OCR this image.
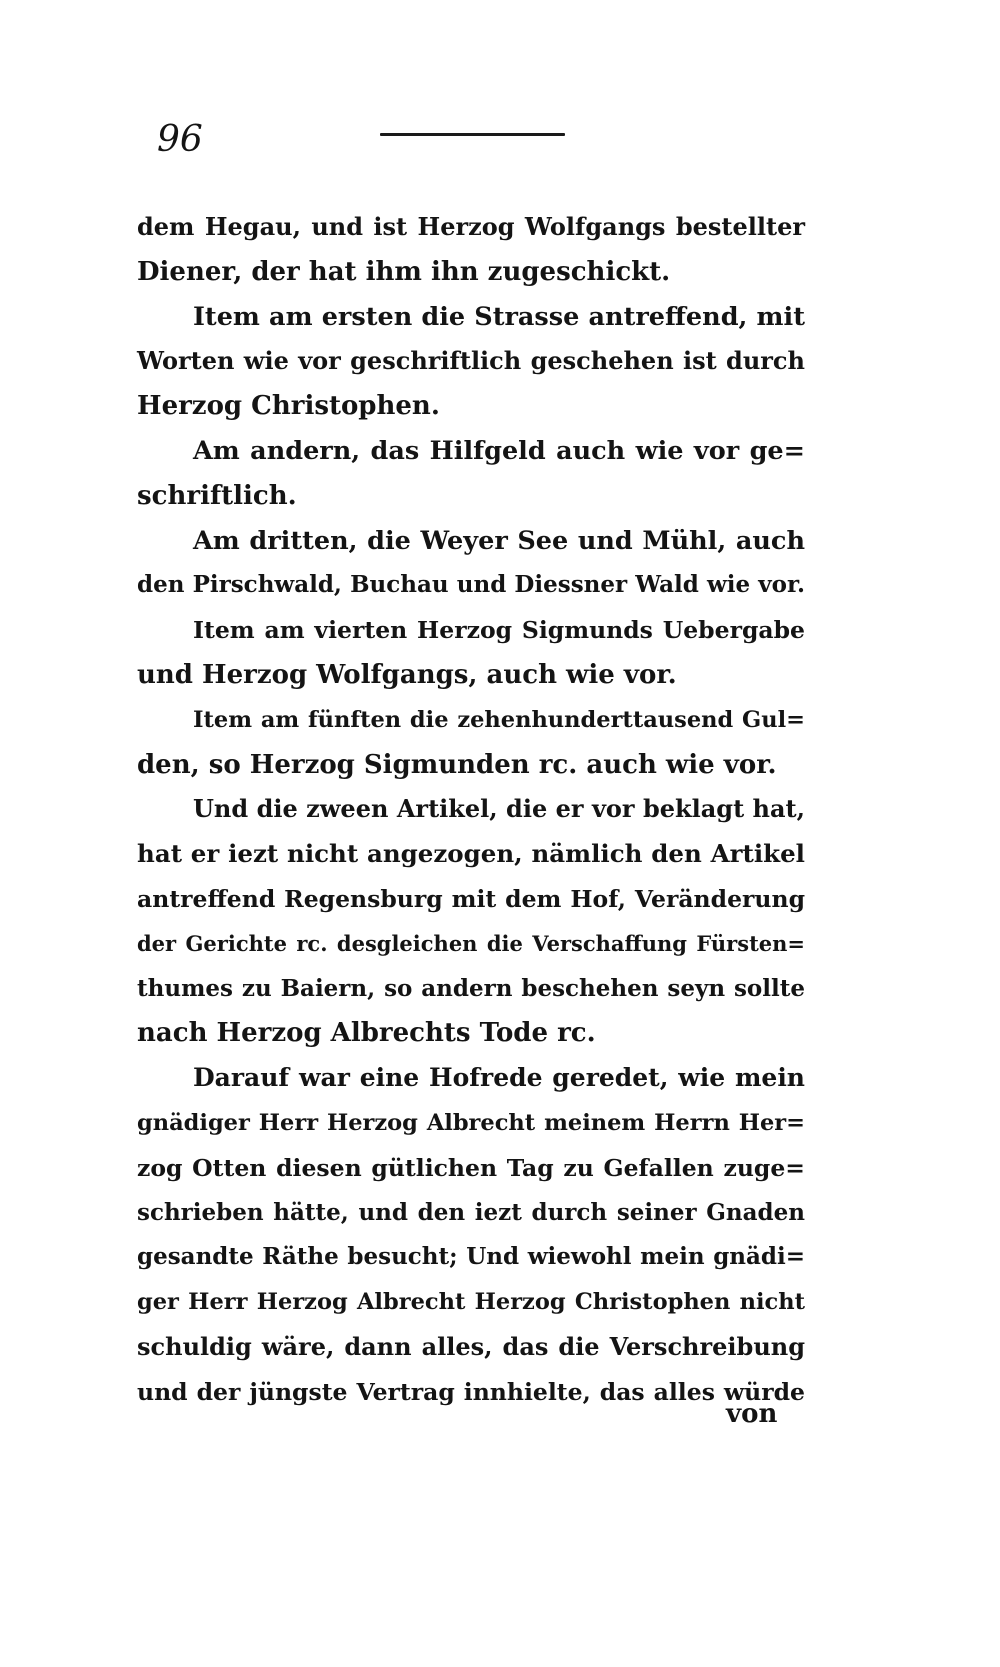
96
dem Hegau, und ist Herzog Wolfgangs bestellter
Diener, der hat ihm ihn zugeschickt.
Item am ersten die Strasse antreffend, mit
Worten wie vor geschriftlich geschehen ist durch
Herzog Christophen.
Am andern, das Hilfgeld auch wie vor ge=
schriftlich.
Am dritten, die Weyer See und Mühl, auch
den Pirschwald, Buchau und Diessner Wald wie vor.
Item am vierten Herzog Sigmunds Uebergabe
und Herzog Wolfgangs, auch wie vor.
Item am fünften die zehenhunderttausend Gul=
den, so Herzog Sigmunden rc. auch wie vor.
Und die zween Artikel, die er vor beklagt hat,
hat er iezt nicht angezogen, nämlich den Artikel
antreffend Regensburg mit dem Hof, Veränderung
der Gerichte rc. desgleichen die Verschaffung Fürsten=
thumes zu Baiern, so andern beschehen seyn sollte
nach Herzog Albrechts Tode rc.
Darauf war eine Hofrede geredet, wie mein
gnädiger Herr Herzog Albrecht meinem Herrn Her=
zog Otten diesen gütlichen Tag zu Gefallen zuge=
schrieben hätte, und den iezt durch seiner Gnaden
gesandte Räthe besucht; Und wiewohl mein gnädi=
ger Herr Herzog Albrecht Herzog Christophen nicht
schuldig wäre, dann alles, das die Verschreibung
und der jüngste Vertrag innhielte, das alles würde
von
